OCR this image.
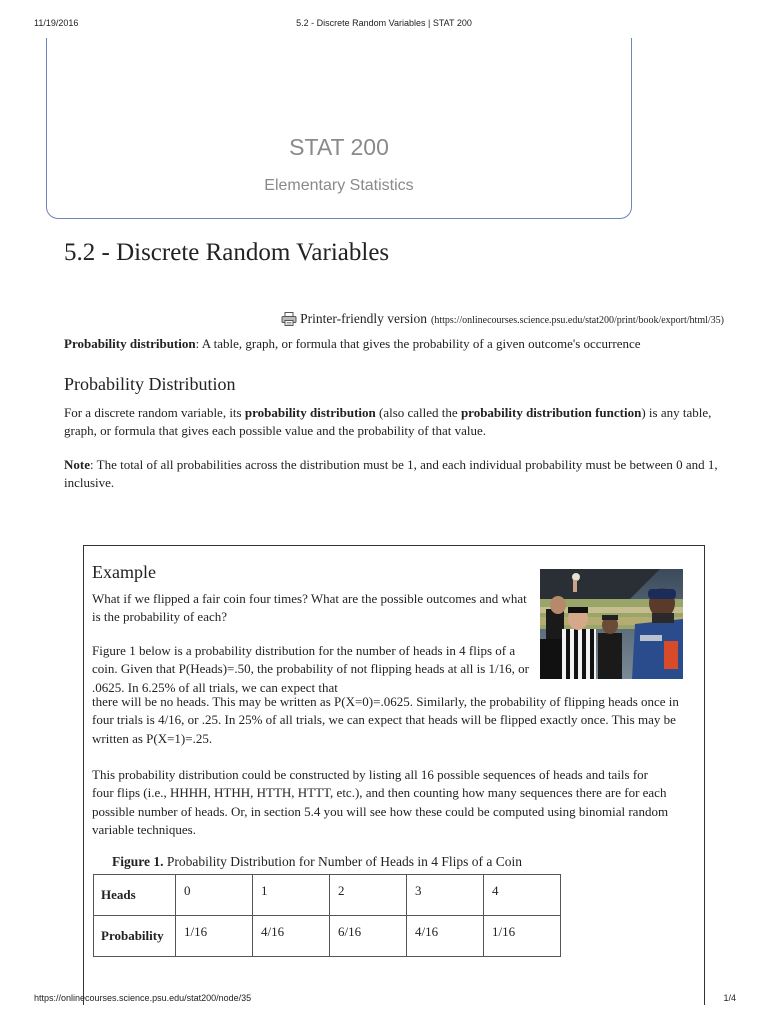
11/19/2016	5.2 - Discrete Random Variables | STAT 200
STAT 200
Elementary Statistics
5.2 - Discrete Random Variables
Printer-friendly version (https://onlinecourses.science.psu.edu/stat200/print/book/export/html/35)

Probability distribution: A table, graph, or formula that gives the probability of a given outcome's occurrence

Probability Distribution

For a discrete random variable, its probability distribution (also called the probability distribution function) is any table, graph, or formula that gives each possible value and the probability of that value.

Note: The total of all probabilities across the distribution must be 1, and each individual probability must be between 0 and 1, inclusive.

Example

What if we flipped a fair coin four times? What are the possible outcomes and what is the probability of each?

Figure 1 below is a probability distribution for the number of heads in 4 flips of a coin. Given that P(Heads)=.50, the probability of not flipping heads at all is 1/16, or .0625. In 6.25% of all trials, we can expect that

there will be no heads. This may be written as P(X=0)=.0625. Similarly, the probability of flipping heads once in four trials is 4/16, or .25. In 25% of all trials, we can expect that heads will be flipped exactly once. This may be written as P(X=1)=.25.

This probability distribution could be constructed by listing all 16 possible sequences of heads and tails for four flips (i.e., HHHH, HTHH, HTTH, HTTT, etc.), and then counting how many sequences there are for each possible number of heads. Or, in section 5.4 you will see how these could be computed using binomial random variable techniques.

Figure 1. Probability Distribution for Number of Heads in 4 Flips of a Coin

Heads	0	1	2	3	4
Probability	1/16	4/16	6/16	4/16	1/16
https://onlinecourses.science.psu.edu/stat200/node/35	1/4
